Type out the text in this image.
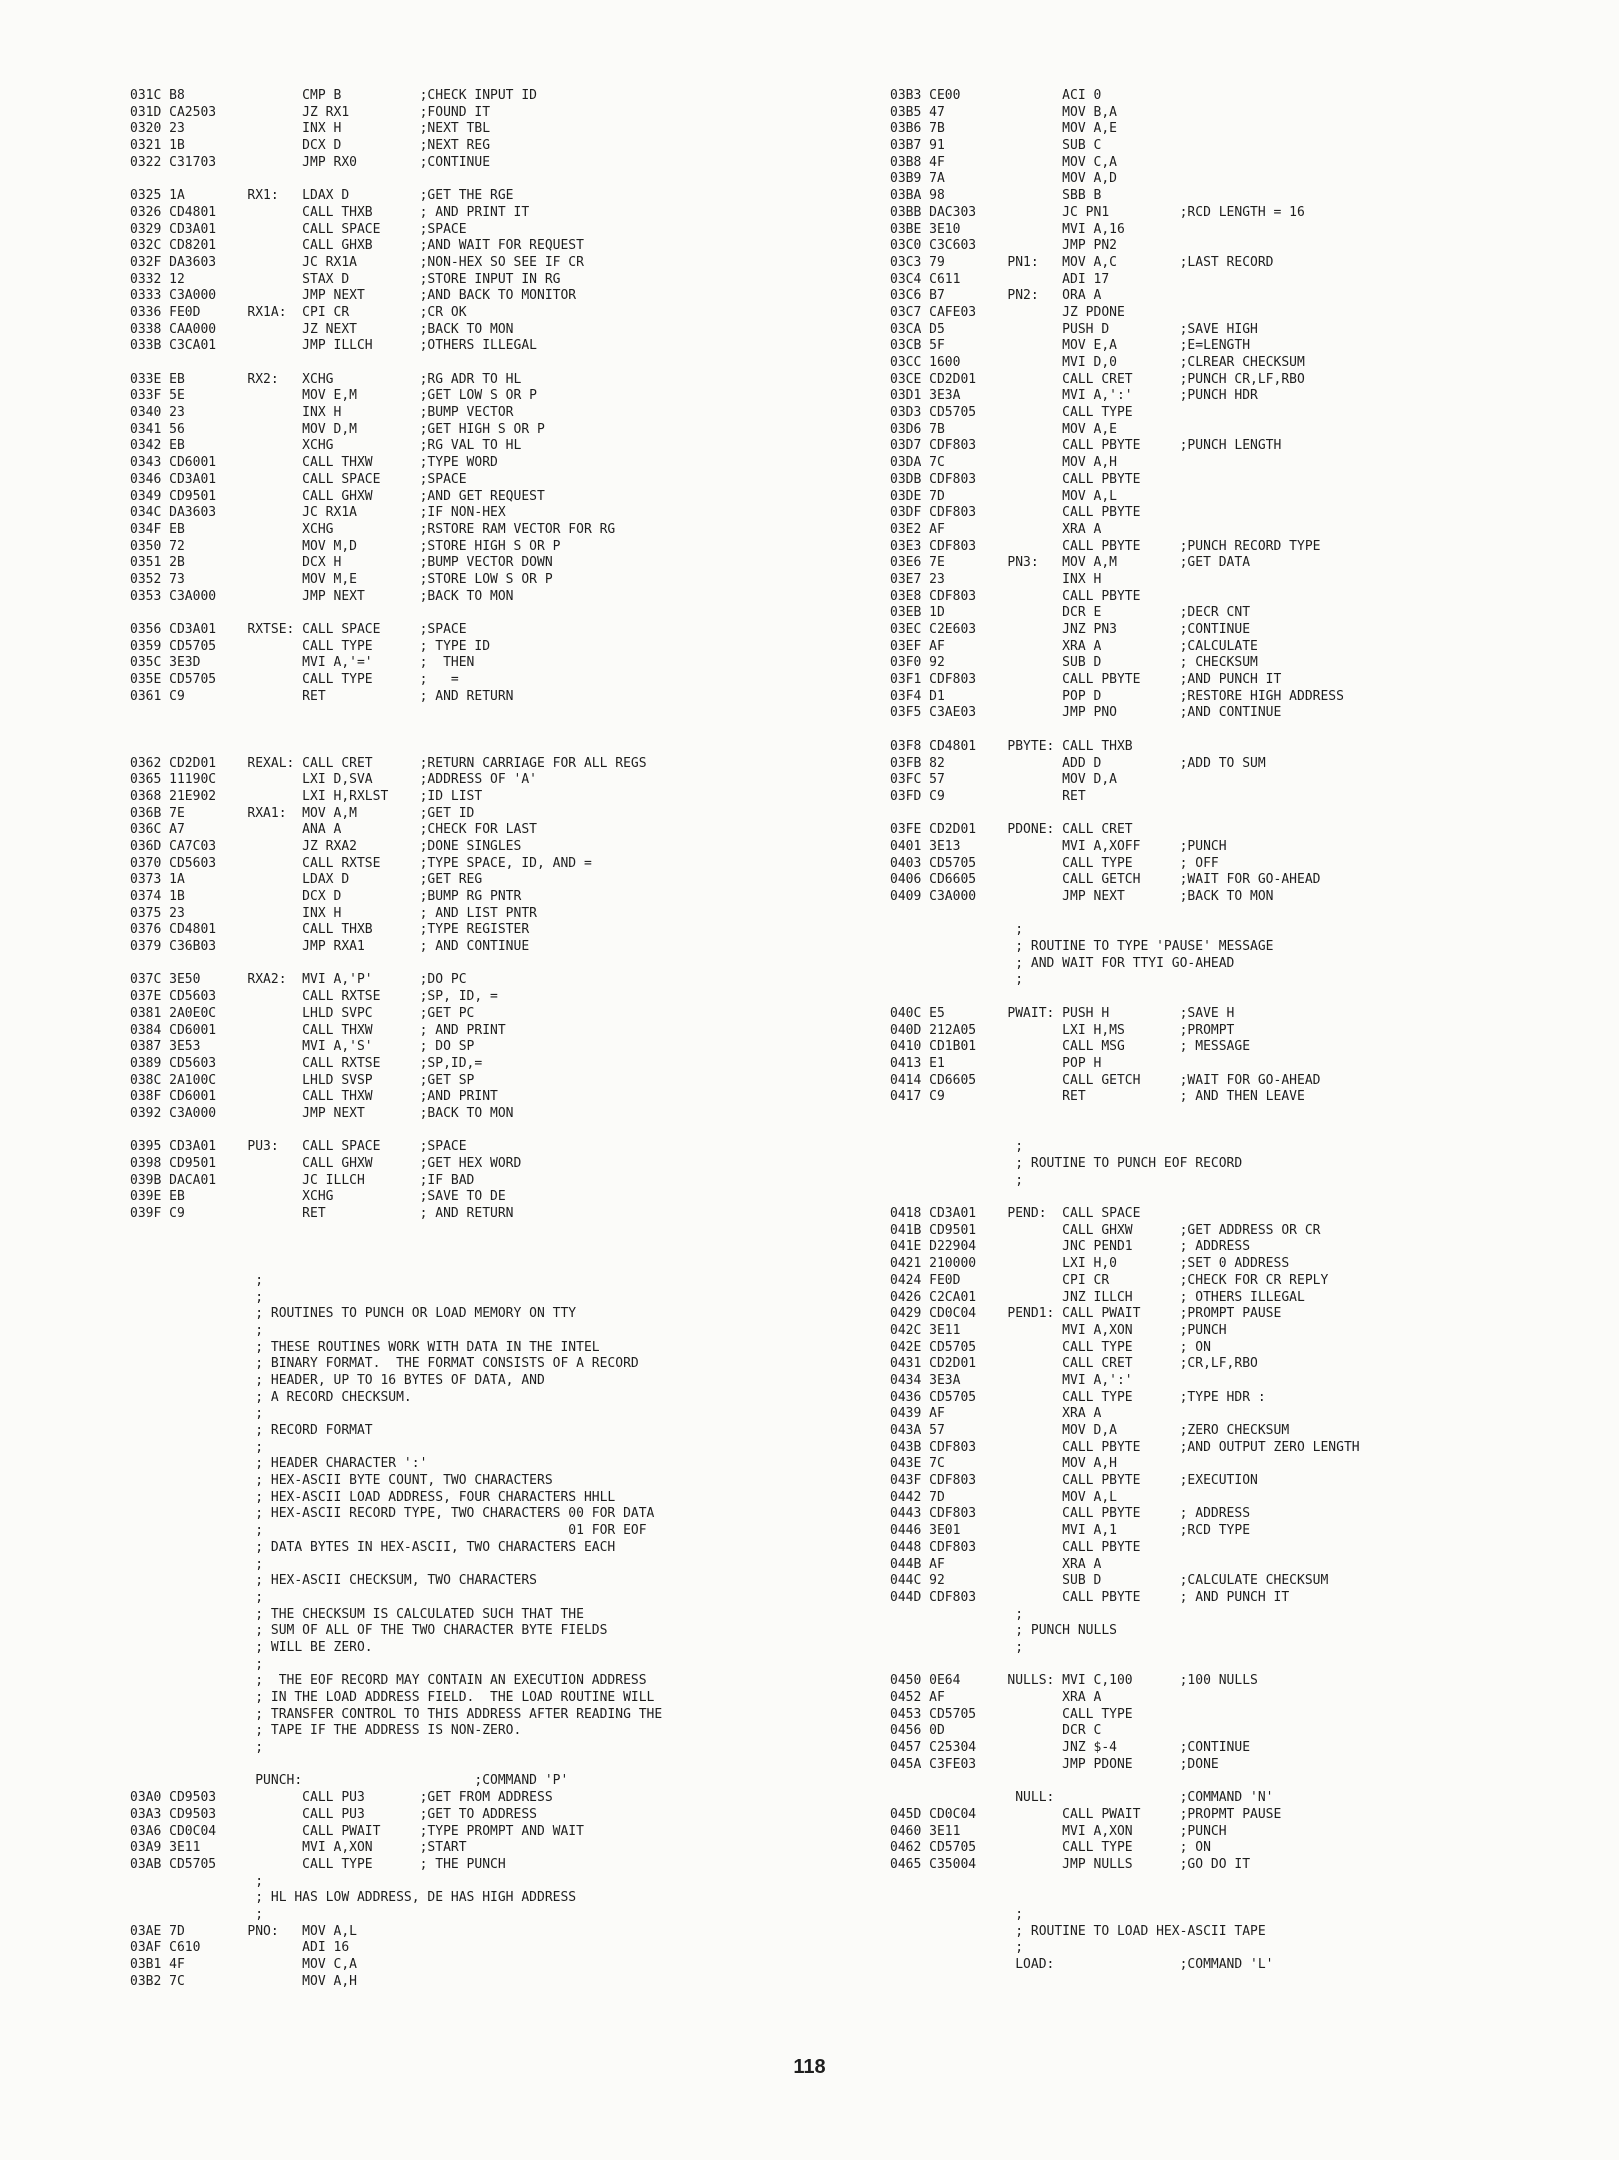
031C B8               CMP B          ;CHECK INPUT ID
031D CA2503           JZ RX1         ;FOUND IT
0320 23               INX H          ;NEXT TBL
0321 1B               DCX D          ;NEXT REG
0322 C31703           JMP RX0        ;CONTINUE
0325 1A        RX1:   LDAX D         ;GET THE RGE
0326 CD4801           CALL THXB      ; AND PRINT IT
0329 CD3A01           CALL SPACE     ;SPACE
032C CD8201           CALL GHXB      ;AND WAIT FOR REQUEST
032F DA3603           JC RX1A        ;NON-HEX SO SEE IF CR
0332 12               STAX D         ;STORE INPUT IN RG
0333 C3A000           JMP NEXT       ;AND BACK TO MONITOR
0336 FE0D      RX1A:  CPI CR         ;CR OK
0338 CAA000           JZ NEXT        ;BACK TO MON
033B C3CA01           JMP ILLCH      ;OTHERS ILLEGAL
033E EB        RX2:   XCHG           ;RG ADR TO HL
033F 5E               MOV E,M        ;GET LOW S OR P
0340 23               INX H          ;BUMP VECTOR
0341 56               MOV D,M        ;GET HIGH S OR P
0342 EB               XCHG           ;RG VAL TO HL
0343 CD6001           CALL THXW      ;TYPE WORD
0346 CD3A01           CALL SPACE     ;SPACE
0349 CD9501           CALL GHXW      ;AND GET REQUEST
034C DA3603           JC RX1A        ;IF NON-HEX
034F EB               XCHG           ;RSTORE RAM VECTOR FOR RG
0350 72               MOV M,D        ;STORE HIGH S OR P
0351 2B               DCX H          ;BUMP VECTOR DOWN
0352 73               MOV M,E        ;STORE LOW S OR P
0353 C3A000           JMP NEXT       ;BACK TO MON
0356 CD3A01    RXTSE: CALL SPACE     ;SPACE
0359 CD5705           CALL TYPE      ; TYPE ID
035C 3E3D             MVI A,'='      ;  THEN
035E CD5705           CALL TYPE      ;   =
0361 C9               RET            ; AND RETURN
0362 CD2D01    REXAL: CALL CRET      ;RETURN CARRIAGE FOR ALL REGS
0365 11190C           LXI D,SVA      ;ADDRESS OF 'A'
0368 21E902           LXI H,RXLST    ;ID LIST
036B 7E        RXA1:  MOV A,M        ;GET ID
036C A7               ANA A          ;CHECK FOR LAST
036D CA7C03           JZ RXA2        ;DONE SINGLES
0370 CD5603           CALL RXTSE     ;TYPE SPACE, ID, AND =
0373 1A               LDAX D         ;GET REG
0374 1B               DCX D          ;BUMP RG PNTR
0375 23               INX H          ; AND LIST PNTR
0376 CD4801           CALL THXB      ;TYPE REGISTER
0379 C36B03           JMP RXA1       ; AND CONTINUE
037C 3E50      RXA2:  MVI A,'P'      ;DO PC
037E CD5603           CALL RXTSE     ;SP, ID, =
0381 2A0E0C           LHLD SVPC      ;GET PC
0384 CD6001           CALL THXW      ; AND PRINT
0387 3E53             MVI A,'S'      ; DO SP
0389 CD5603           CALL RXTSE     ;SP,ID,=
038C 2A100C           LHLD SVSP      ;GET SP
038F CD6001           CALL THXW      ;AND PRINT
0392 C3A000           JMP NEXT       ;BACK TO MON
0395 CD3A01    PU3:   CALL SPACE     ;SPACE
0398 CD9501           CALL GHXW      ;GET HEX WORD
039B DACA01           JC ILLCH       ;IF BAD
039E EB               XCHG           ;SAVE TO DE
039F C9               RET            ; AND RETURN
;
;
; ROUTINES TO PUNCH OR LOAD MEMORY ON TTY
;
; THESE ROUTINES WORK WITH DATA IN THE INTEL
; BINARY FORMAT.  THE FORMAT CONSISTS OF A RECORD
; HEADER, UP TO 16 BYTES OF DATA, AND
; A RECORD CHECKSUM.
;
; RECORD FORMAT
;
; HEADER CHARACTER ':'
; HEX-ASCII BYTE COUNT, TWO CHARACTERS
; HEX-ASCII LOAD ADDRESS, FOUR CHARACTERS HHLL
; HEX-ASCII RECORD TYPE, TWO CHARACTERS 00 FOR DATA
;                                       01 FOR EOF
; DATA BYTES IN HEX-ASCII, TWO CHARACTERS EACH
;
; HEX-ASCII CHECKSUM, TWO CHARACTERS
;
; THE CHECKSUM IS CALCULATED SUCH THAT THE
; SUM OF ALL OF THE TWO CHARACTER BYTE FIELDS
; WILL BE ZERO.
;
;  THE EOF RECORD MAY CONTAIN AN EXECUTION ADDRESS
; IN THE LOAD ADDRESS FIELD.  THE LOAD ROUTINE WILL
; TRANSFER CONTROL TO THIS ADDRESS AFTER READING THE
; TAPE IF THE ADDRESS IS NON-ZERO.
;
PUNCH:                      ;COMMAND 'P'
03A0 CD9503           CALL PU3       ;GET FROM ADDRESS
03A3 CD9503           CALL PU3       ;GET TO ADDRESS
03A6 CD0C04           CALL PWAIT     ;TYPE PROMPT AND WAIT
03A9 3E11             MVI A,XON      ;START
03AB CD5705           CALL TYPE      ; THE PUNCH
;
; HL HAS LOW ADDRESS, DE HAS HIGH ADDRESS
;
03AE 7D        PNO:   MOV A,L
03AF C610             ADI 16
03B1 4F               MOV C,A
03B2 7C               MOV A,H
03B3 CE00             ACI 0
03B5 47               MOV B,A
03B6 7B               MOV A,E
03B7 91               SUB C
03B8 4F               MOV C,A
03B9 7A               MOV A,D
03BA 98               SBB B
03BB DAC303           JC PN1         ;RCD LENGTH = 16
03BE 3E10             MVI A,16
03C0 C3C603           JMP PN2
03C3 79        PN1:   MOV A,C        ;LAST RECORD
03C4 C611             ADI 17
03C6 B7        PN2:   ORA A
03C7 CAFE03           JZ PDONE
03CA D5               PUSH D         ;SAVE HIGH
03CB 5F               MOV E,A        ;E=LENGTH
03CC 1600             MVI D,0        ;CLREAR CHECKSUM
03CE CD2D01           CALL CRET      ;PUNCH CR,LF,RBO
03D1 3E3A             MVI A,':'      ;PUNCH HDR
03D3 CD5705           CALL TYPE
03D6 7B               MOV A,E
03D7 CDF803           CALL PBYTE     ;PUNCH LENGTH
03DA 7C               MOV A,H
03DB CDF803           CALL PBYTE
03DE 7D               MOV A,L
03DF CDF803           CALL PBYTE
03E2 AF               XRA A
03E3 CDF803           CALL PBYTE     ;PUNCH RECORD TYPE
03E6 7E        PN3:   MOV A,M        ;GET DATA
03E7 23               INX H
03E8 CDF803           CALL PBYTE
03EB 1D               DCR E          ;DECR CNT
03EC C2E603           JNZ PN3        ;CONTINUE
03EF AF               XRA A          ;CALCULATE
03F0 92               SUB D          ; CHECKSUM
03F1 CDF803           CALL PBYTE     ;AND PUNCH IT
03F4 D1               POP D          ;RESTORE HIGH ADDRESS
03F5 C3AE03           JMP PNO        ;AND CONTINUE
03F8 CD4801    PBYTE: CALL THXB
03FB 82               ADD D          ;ADD TO SUM
03FC 57               MOV D,A
03FD C9               RET
03FE CD2D01    PDONE: CALL CRET
0401 3E13             MVI A,XOFF     ;PUNCH
0403 CD5705           CALL TYPE      ; OFF
0406 CD6605           CALL GETCH     ;WAIT FOR GO-AHEAD
0409 C3A000           JMP NEXT       ;BACK TO MON
;
; ROUTINE TO TYPE 'PAUSE' MESSAGE
; AND WAIT FOR TTYI GO-AHEAD
;
040C E5        PWAIT: PUSH H         ;SAVE H
040D 212A05           LXI H,MS       ;PROMPT
0410 CD1B01           CALL MSG       ; MESSAGE
0413 E1               POP H
0414 CD6605           CALL GETCH     ;WAIT FOR GO-AHEAD
0417 C9               RET            ; AND THEN LEAVE
;
; ROUTINE TO PUNCH EOF RECORD
;
0418 CD3A01    PEND:  CALL SPACE
041B CD9501           CALL GHXW      ;GET ADDRESS OR CR
041E D22904           JNC PEND1      ; ADDRESS
0421 210000           LXI H,0        ;SET 0 ADDRESS
0424 FE0D             CPI CR         ;CHECK FOR CR REPLY
0426 C2CA01           JNZ ILLCH      ; OTHERS ILLEGAL
0429 CD0C04    PEND1: CALL PWAIT     ;PROMPT PAUSE
042C 3E11             MVI A,XON      ;PUNCH
042E CD5705           CALL TYPE      ; ON
0431 CD2D01           CALL CRET      ;CR,LF,RBO
0434 3E3A             MVI A,':'
0436 CD5705           CALL TYPE      ;TYPE HDR :
0439 AF               XRA A
043A 57               MOV D,A        ;ZERO CHECKSUM
043B CDF803           CALL PBYTE     ;AND OUTPUT ZERO LENGTH
043E 7C               MOV A,H
043F CDF803           CALL PBYTE     ;EXECUTION
0442 7D               MOV A,L
0443 CDF803           CALL PBYTE     ; ADDRESS
0446 3E01             MVI A,1        ;RCD TYPE
0448 CDF803           CALL PBYTE
044B AF               XRA A
044C 92               SUB D          ;CALCULATE CHECKSUM
044D CDF803           CALL PBYTE     ; AND PUNCH IT
;
; PUNCH NULLS
;
0450 0E64      NULLS: MVI C,100      ;100 NULLS
0452 AF               XRA A
0453 CD5705           CALL TYPE
0456 0D               DCR C
0457 C25304           JNZ $-4        ;CONTINUE
045A C3FE03           JMP PDONE      ;DONE
NULL:                ;COMMAND 'N'
045D CD0C04           CALL PWAIT     ;PROPMT PAUSE
0460 3E11             MVI A,XON      ;PUNCH
0462 CD5705           CALL TYPE      ; ON
0465 C35004           JMP NULLS      ;GO DO IT
;
; ROUTINE TO LOAD HEX-ASCII TAPE
;
LOAD:                ;COMMAND 'L'
118
